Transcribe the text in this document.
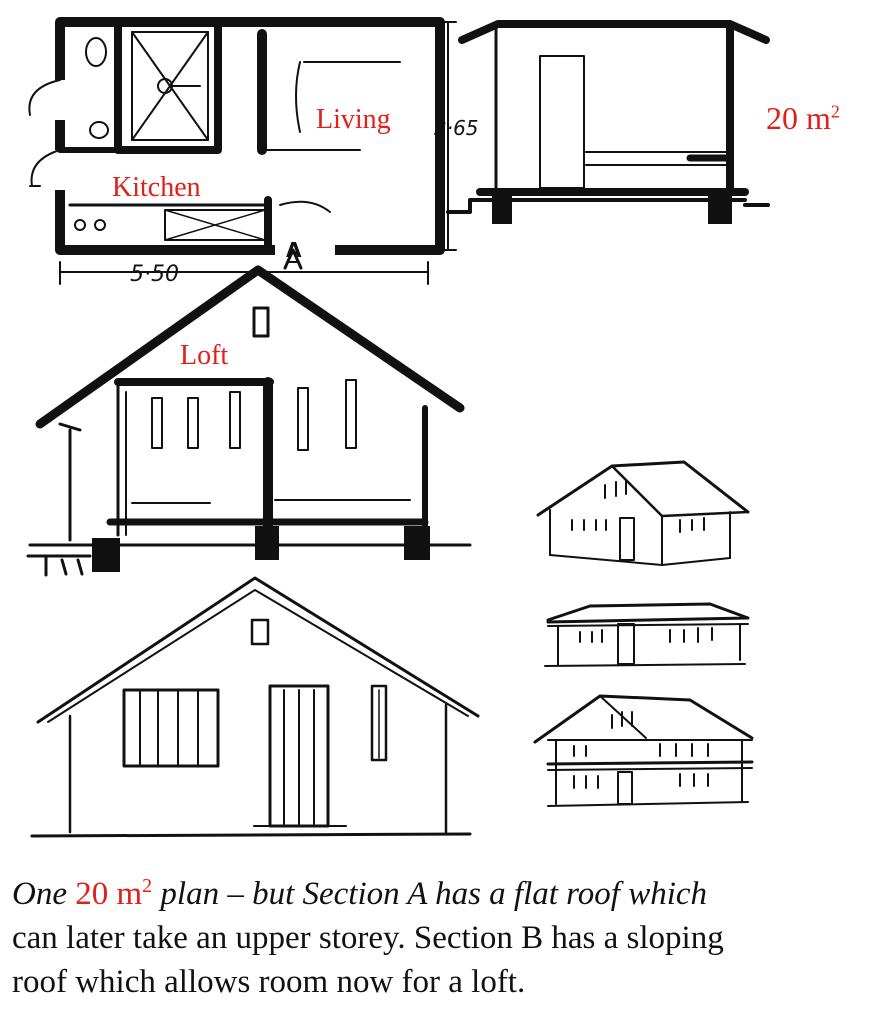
Living
Kitchen
Loft
20 $m^2$
5·50
3·65
A
One 20 $m^2$ plan – but Section A has a flat roof which
can later take an upper storey. Section B has a sloping
roof which allows room now for a loft.
